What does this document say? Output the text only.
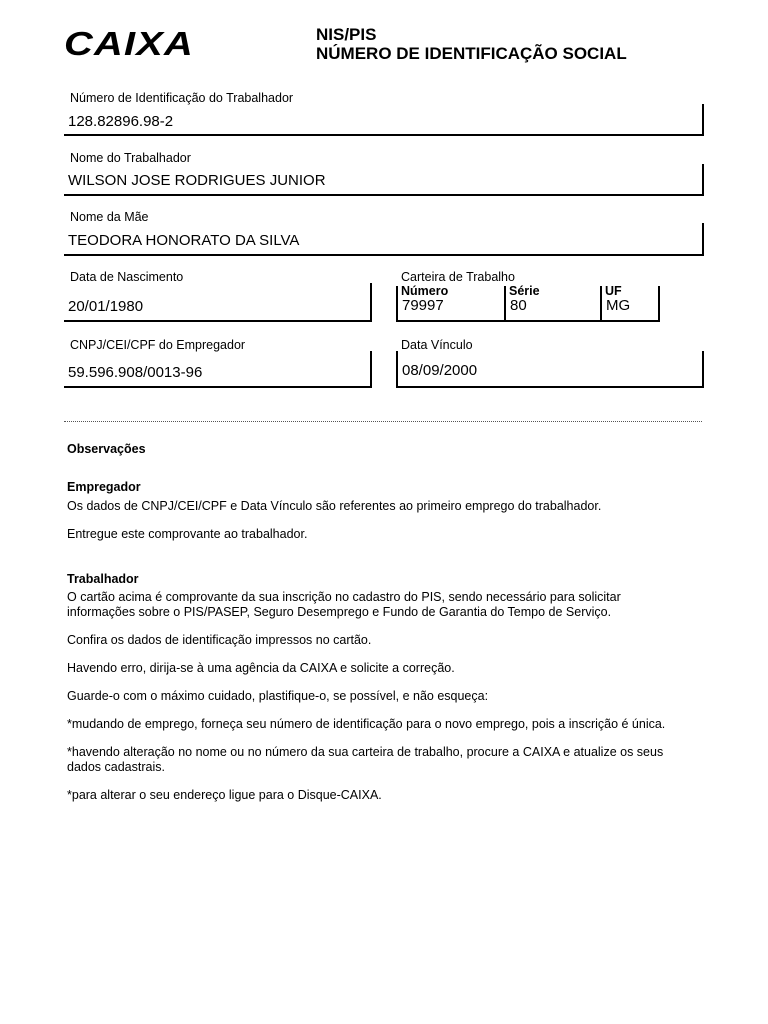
CAIXA	NIS/PIS
NÚMERO DE IDENTIFICAÇÃO SOCIAL
Número de Identificação do Trabalhador
128.82896.98-2
Nome do Trabalhador
WILSON JOSE RODRIGUES JUNIOR
Nome da Mãe
TEODORA HONORATO DA SILVA
Data de Nascimento
20/01/1980
Carteira de Trabalho
Número	Série	UF
79997	80	MG
CNPJ/CEI/CPF do Empregador
59.596.908/0013-96
Data Vínculo
08/09/2000
Observações
Empregador
Os dados de CNPJ/CEI/CPF e Data Vínculo são referentes ao primeiro emprego do trabalhador.
Entregue este comprovante ao trabalhador.
Trabalhador
O cartão acima é comprovante da sua inscrição no cadastro do PIS, sendo necessário para solicitar
informações sobre o PIS/PASEP, Seguro Desemprego e Fundo de Garantia do Tempo de Serviço.
Confira os dados de identificação impressos no cartão.
Havendo erro, dirija-se à uma agência da CAIXA e solicite a correção.
Guarde-o com o máximo cuidado, plastifique-o, se possível, e não esqueça:
*mudando de emprego, forneça seu número de identificação para o novo emprego, pois a inscrição é única.
*havendo alteração no nome ou no número da sua carteira de trabalho, procure a CAIXA e atualize os seus
dados cadastrais.
*para alterar o seu endereço ligue para o Disque-CAIXA.
